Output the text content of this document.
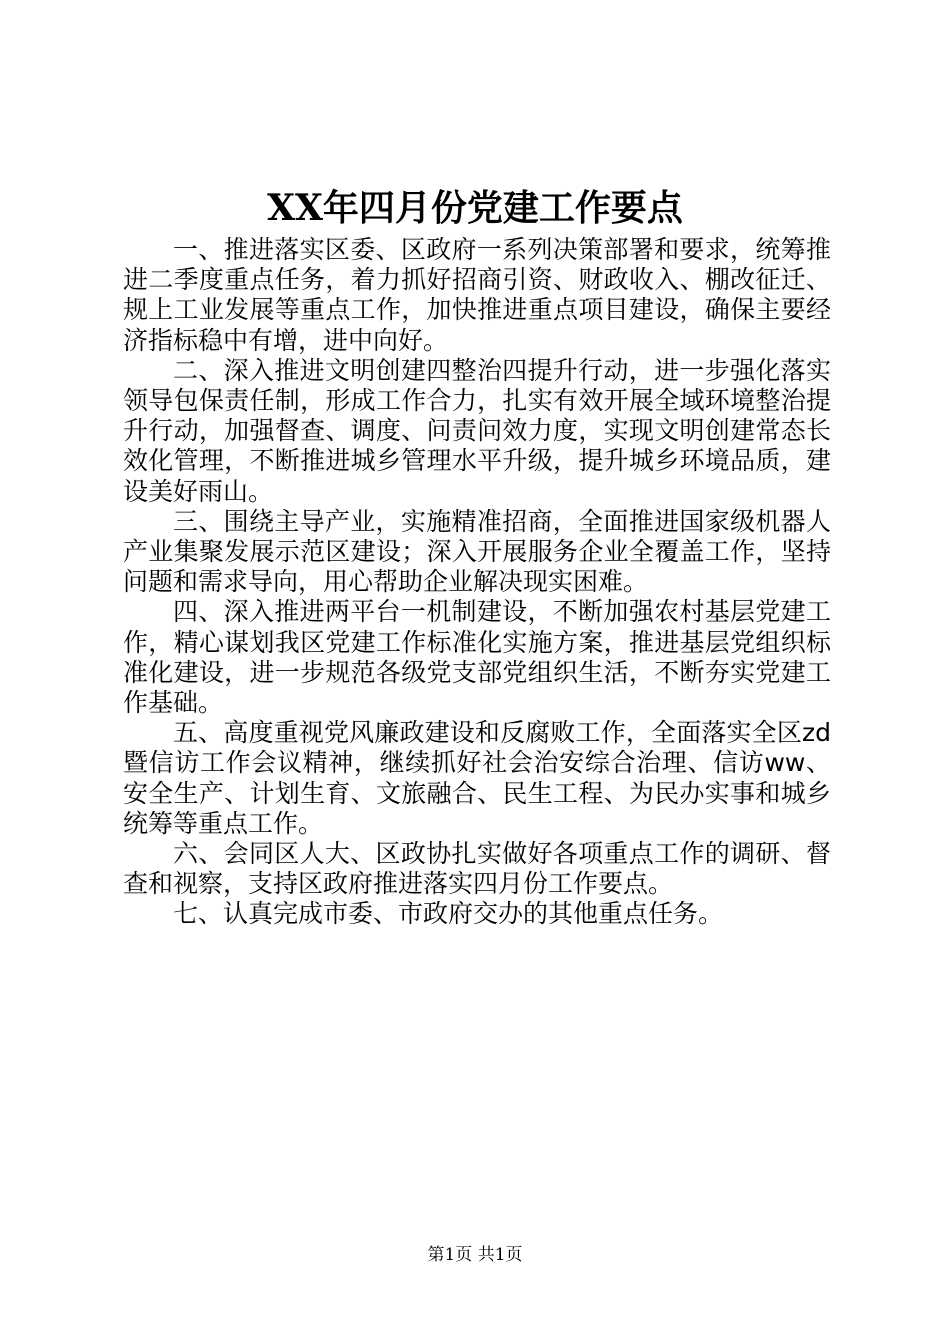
XX年四月份党建工作要点

一、推进落实区委、区政府一系列决策部署和要求，统筹推进二季度重点任务，着力抓好招商引资、财政收入、棚改征迁、规上工业发展等重点工作，加快推进重点项目建设，确保主要经济指标稳中有增，进中向好。

二、深入推进文明创建四整治四提升行动，进一步强化落实领导包保责任制，形成工作合力，扎实有效开展全域环境整治提升行动，加强督查、调度、问责问效力度，实现文明创建常态长效化管理，不断推进城乡管理水平升级，提升城乡环境品质，建设美好雨山。

三、围绕主导产业，实施精准招商，全面推进国家级机器人产业集聚发展示范区建设；深入开展服务企业全覆盖工作，坚持问题和需求导向，用心帮助企业解决现实困难。

四、深入推进两平台一机制建设，不断加强农村基层党建工作，精心谋划我区党建工作标准化实施方案，推进基层党组织标准化建设，进一步规范各级党支部党组织生活，不断夯实党建工作基础。

五、高度重视党风廉政建设和反腐败工作，全面落实全区zd暨信访工作会议精神，继续抓好社会治安综合治理、信访ww、安全生产、计划生育、文旅融合、民生工程、为民办实事和城乡统筹等重点工作。

六、会同区人大、区政协扎实做好各项重点工作的调研、督查和视察，支持区政府推进落实四月份工作要点。

七、认真完成市委、市政府交办的其他重点任务。

第1页 共1页
